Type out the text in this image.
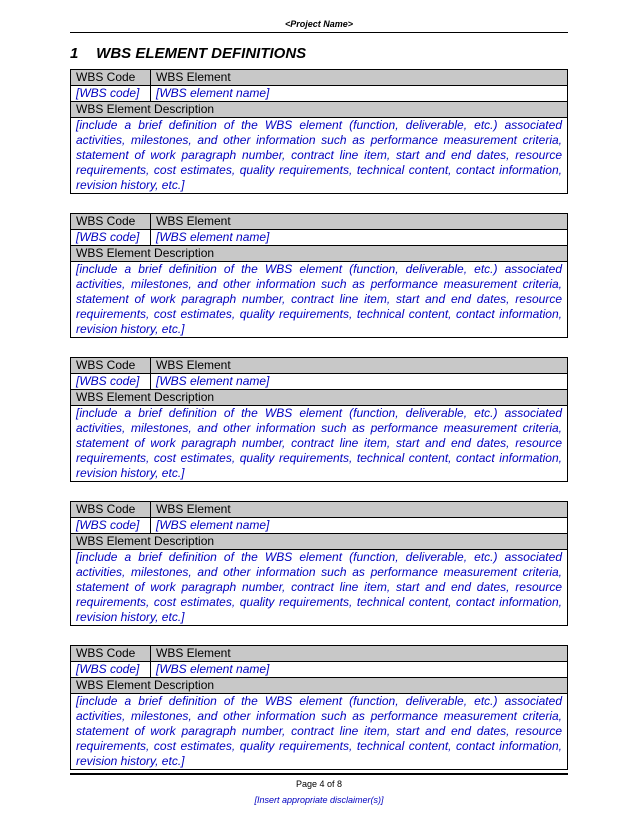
<Project Name>
1 WBS ELEMENT DEFINITIONS
WBS Code	WBS Element
[WBS code]	[WBS element name]
WBS Element Description	
[include a brief definition of the WBS element (function, deliverable, etc.) associated activities, milestones, and other information such as performance measurement criteria, statement of work paragraph number, contract line item, start and end dates, resource requirements, cost estimates, quality requirements, technical content, contact information, revision history, etc.]	
WBS Code	WBS Element
[WBS code]	[WBS element name]
WBS Element Description	
[include a brief definition of the WBS element (function, deliverable, etc.) associated activities, milestones, and other information such as performance measurement criteria, statement of work paragraph number, contract line item, start and end dates, resource requirements, cost estimates, quality requirements, technical content, contact information, revision history, etc.]	
WBS Code	WBS Element
[WBS code]	[WBS element name]
WBS Element Description	
[include a brief definition of the WBS element (function, deliverable, etc.) associated activities, milestones, and other information such as performance measurement criteria, statement of work paragraph number, contract line item, start and end dates, resource requirements, cost estimates, quality requirements, technical content, contact information, revision history, etc.]	
WBS Code	WBS Element
[WBS code]	[WBS element name]
WBS Element Description	
[include a brief definition of the WBS element (function, deliverable, etc.) associated activities, milestones, and other information such as performance measurement criteria, statement of work paragraph number, contract line item, start and end dates, resource requirements, cost estimates, quality requirements, technical content, contact information, revision history, etc.]	
WBS Code	WBS Element
[WBS code]	[WBS element name]
WBS Element Description	
[include a brief definition of the WBS element (function, deliverable, etc.) associated activities, milestones, and other information such as performance measurement criteria, statement of work paragraph number, contract line item, start and end dates, resource requirements, cost estimates, quality requirements, technical content, contact information, revision history, etc.]	
Page 4 of 8
[Insert appropriate disclaimer(s)]
